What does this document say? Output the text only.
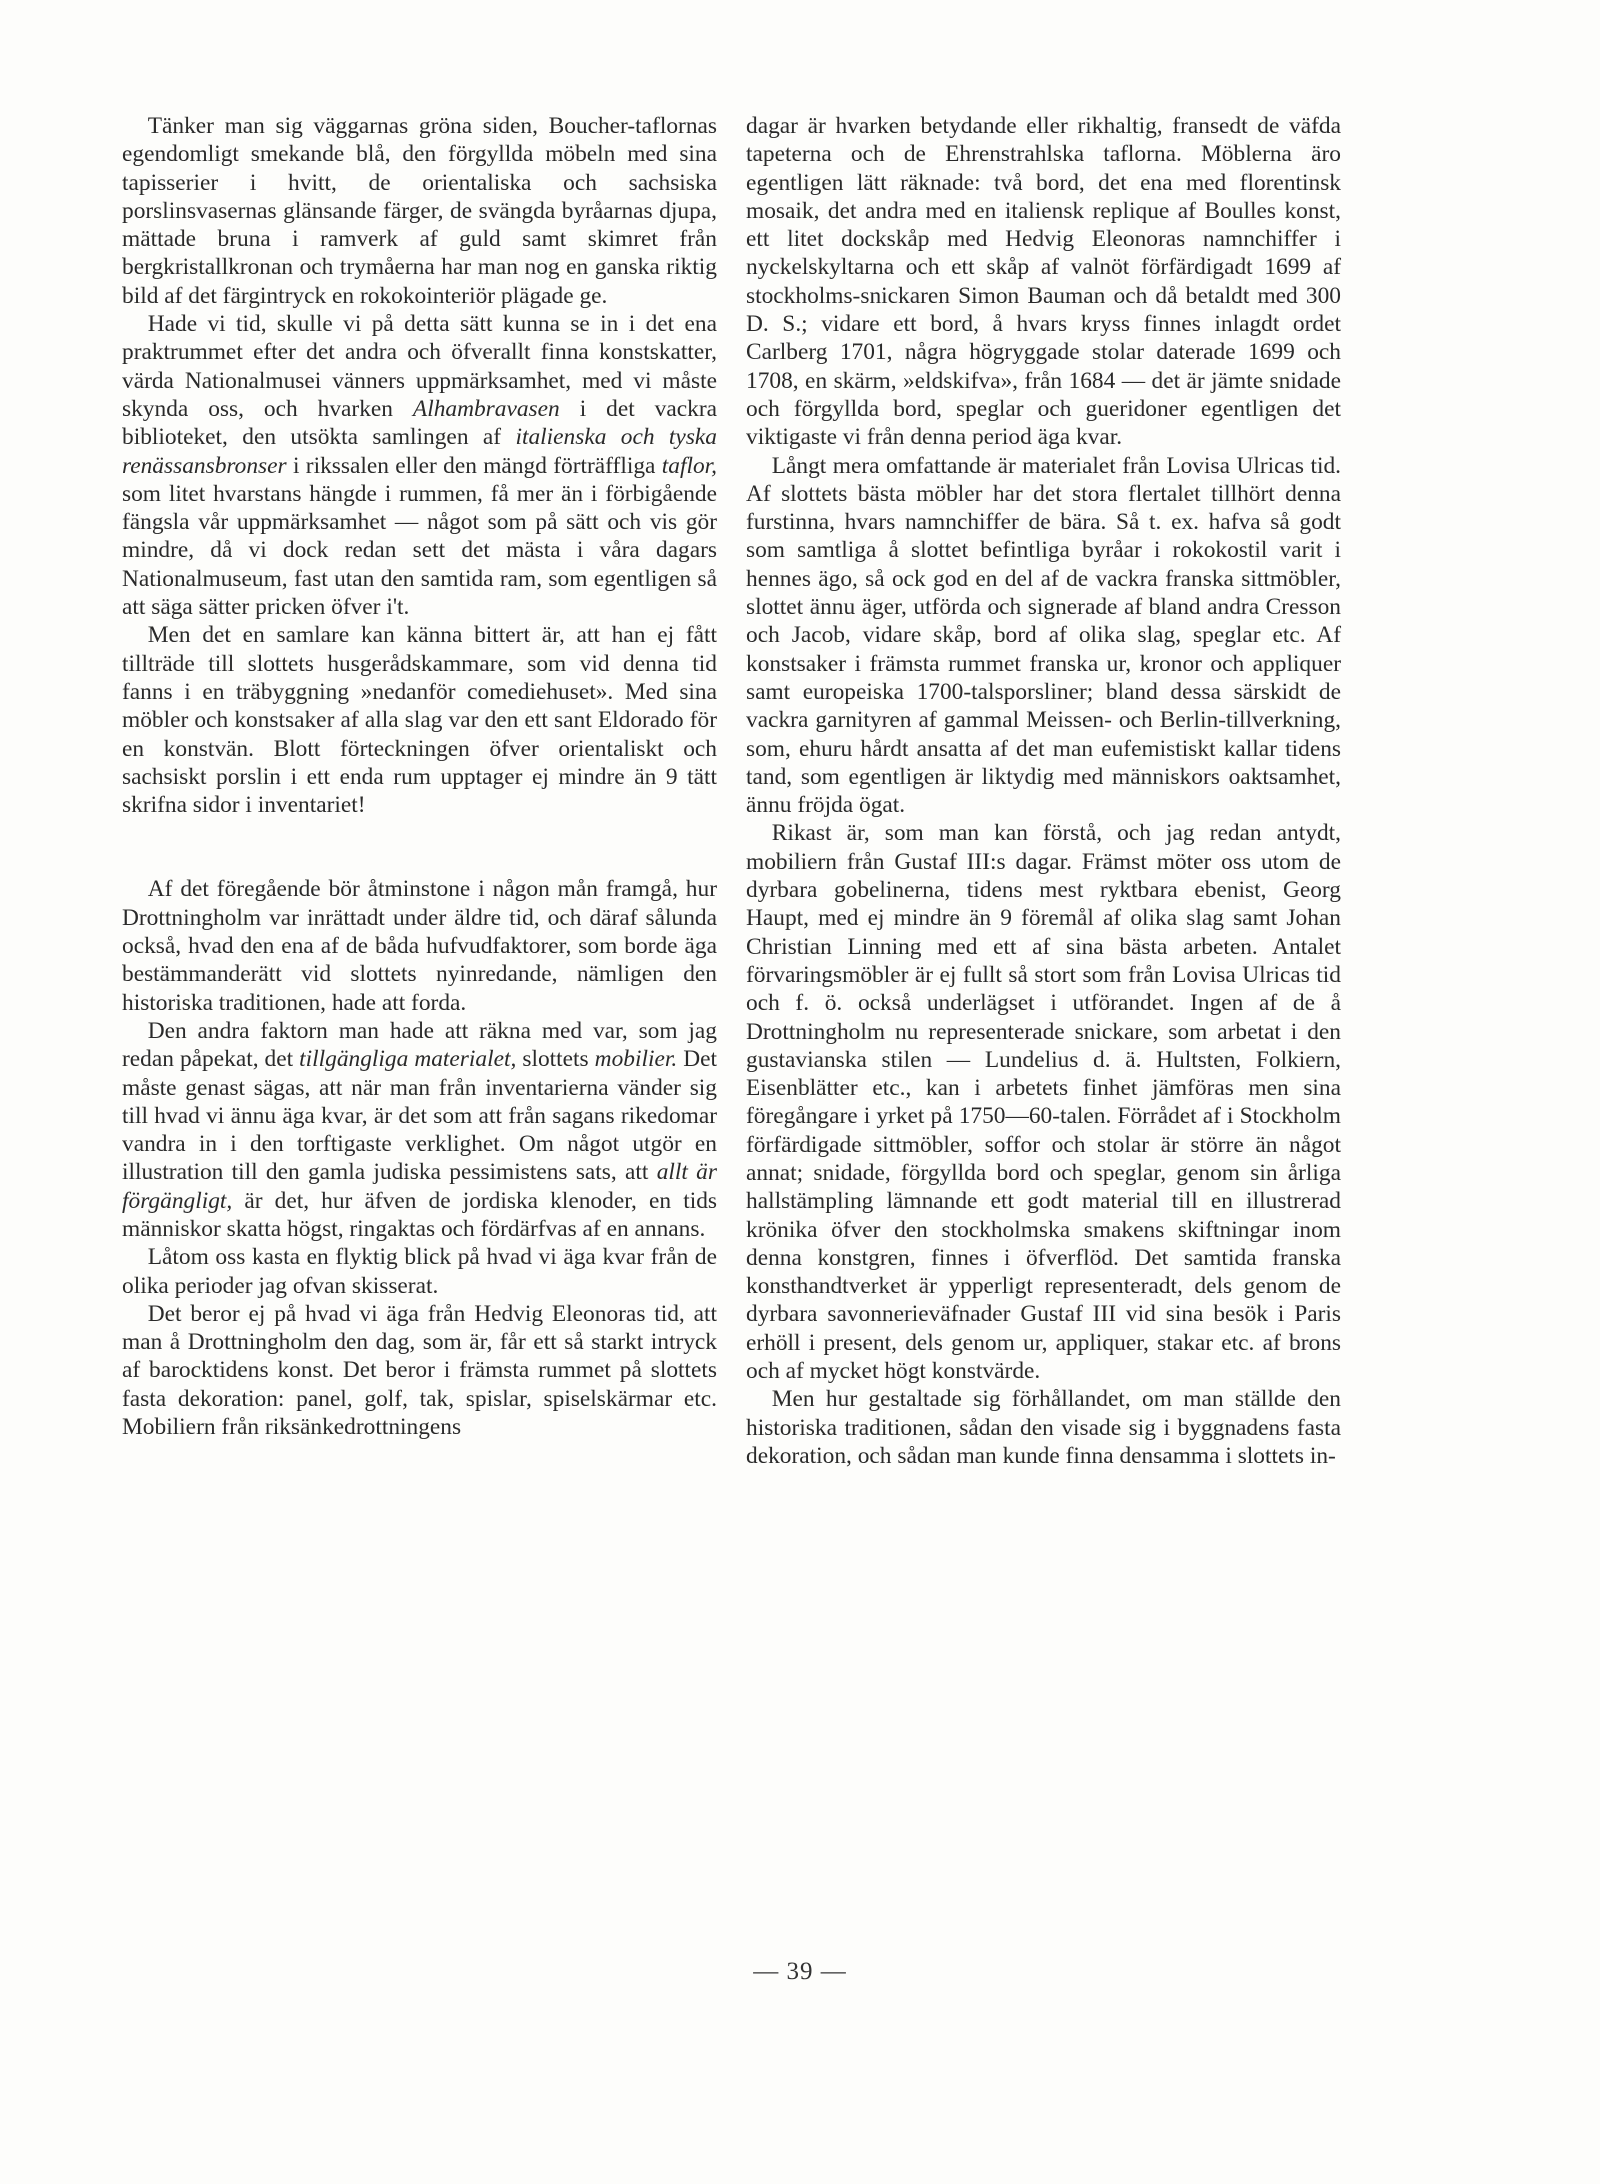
Tänker man sig väggarnas gröna siden, Boucher-taflornas egendomligt smekande blå, den förgyllda möbeln med sina tapisserier i hvitt, de orientaliska och sachsiska porslinsvasernas glänsande färger, de svängda byråarnas djupa, mättade bruna i ramverk af guld samt skimret från bergkristallkronan och trymåerna har man nog en ganska riktig bild af det färgintryck en rokokointeriör plägade ge.

Hade vi tid, skulle vi på detta sätt kunna se in i det ena praktrummet efter det andra och öfverallt finna konstskatter, värda Nationalmusei vänners uppmärksamhet, med vi måste skynda oss, och hvarken Alhambravasen i det vackra biblioteket, den utsökta samlingen af italienska och tyska renässansbronser i rikssalen eller den mängd förträffliga taflor, som litet hvarstans hängde i rummen, få mer än i förbigående fängsla vår uppmärksamhet — något som på sätt och vis gör mindre, då vi dock redan sett det mästa i våra dagars Nationalmuseum, fast utan den samtida ram, som egentligen så att säga sätter pricken öfver i't.

Men det en samlare kan känna bittert är, att han ej fått tillträde till slottets husgerådskammare, som vid denna tid fanns i en träbyggning »nedanför comediehuset». Med sina möbler och konstsaker af alla slag var den ett sant Eldorado för en konstvän. Blott förteckningen öfver orientaliskt och sachsiskt porslin i ett enda rum upptager ej mindre än 9 tätt skrifna sidor i inventariet!

Af det föregående bör åtminstone i någon mån framgå, hur Drottningholm var inrättadt under äldre tid, och däraf sålunda också, hvad den ena af de båda hufvudfaktorer, som borde äga bestämmanderätt vid slottets nyinredande, nämligen den historiska traditionen, hade att forda.

Den andra faktorn man hade att räkna med var, som jag redan påpekat, det tillgängliga materialet, slottets mobilier. Det måste genast sägas, att när man från inventarierna vänder sig till hvad vi ännu äga kvar, är det som att från sagans rikedomar vandra in i den torftigaste verklighet. Om något utgör en illustration till den gamla judiska pessimistens sats, att allt är förgängligt, är det, hur äfven de jordiska klenoder, en tids människor skatta högst, ringaktas och fördärfvas af en annans.

Låtom oss kasta en flyktig blick på hvad vi äga kvar från de olika perioder jag ofvan skisserat.

Det beror ej på hvad vi äga från Hedvig Eleonoras tid, att man å Drottningholm den dag, som är, får ett så starkt intryck af barocktidens konst. Det beror i främsta rummet på slottets fasta dekoration: panel, golf, tak, spislar, spiselskärmar etc. Mobiliern från riksänkedrottningens

dagar är hvarken betydande eller rikhaltig, fransedt de väfda tapeterna och de Ehrenstrahlska taflorna. Möblerna äro egentligen lätt räknade: två bord, det ena med florentinsk mosaik, det andra med en italiensk replique af Boulles konst, ett litet dockskåp med Hedvig Eleonoras namnchiffer i nyckelskyltarna och ett skåp af valnöt förfärdigadt 1699 af stockholms-snickaren Simon Bauman och då betaldt med 300 D. S.; vidare ett bord, å hvars kryss finnes inlagdt ordet Carlberg 1701, några högryggade stolar daterade 1699 och 1708, en skärm, »eldskifva», från 1684 — det är jämte snidade och förgyllda bord, speglar och gueridoner egentligen det viktigaste vi från denna period äga kvar.

Långt mera omfattande är materialet från Lovisa Ulricas tid. Af slottets bästa möbler har det stora flertalet tillhört denna furstinna, hvars namnchiffer de bära. Så t. ex. hafva så godt som samtliga å slottet befintliga byråar i rokokostil varit i hennes ägo, så ock god en del af de vackra franska sittmöbler, slottet ännu äger, utförda och signerade af bland andra Cresson och Jacob, vidare skåp, bord af olika slag, speglar etc. Af konstsaker i främsta rummet franska ur, kronor och appliquer samt europeiska 1700-talsporsliner; bland dessa särskidt de vackra garnityren af gammal Meissen- och Berlin-tillverkning, som, ehuru hårdt ansatta af det man eufemistiskt kallar tidens tand, som egentligen är liktydig med människors oaktsamhet, ännu fröjda ögat.

Rikast är, som man kan förstå, och jag redan antydt, mobiliern från Gustaf III:s dagar. Främst möter oss utom de dyrbara gobelinerna, tidens mest ryktbara ebenist, Georg Haupt, med ej mindre än 9 föremål af olika slag samt Johan Christian Linning med ett af sina bästa arbeten. Antalet förvaringsmöbler är ej fullt så stort som från Lovisa Ulricas tid och f. ö. också underlägset i utförandet. Ingen af de å Drottningholm nu representerade snickare, som arbetat i den gustavianska stilen — Lundelius d. ä. Hultsten, Folkiern, Eisenblätter etc., kan i arbetets finhet jämföras men sina föregångare i yrket på 1750—60-talen. Förrådet af i Stockholm förfärdigade sittmöbler, soffor och stolar är större än något annat; snidade, förgyllda bord och speglar, genom sin årliga hallstämpling lämnande ett godt material till en illustrerad krönika öfver den stockholmska smakens skiftningar inom denna konstgren, finnes i öfverflöd. Det samtida franska konsthandtverket är ypperligt representeradt, dels genom de dyrbara savonnerieväfnader Gustaf III vid sina besök i Paris erhöll i present, dels genom ur, appliquer, stakar etc. af brons och af mycket högt konstvärde.

Men hur gestaltade sig förhållandet, om man ställde den historiska traditionen, sådan den visade sig i byggnadens fasta dekoration, och sådan man kunde finna densamma i slottets in-

— 39 —
